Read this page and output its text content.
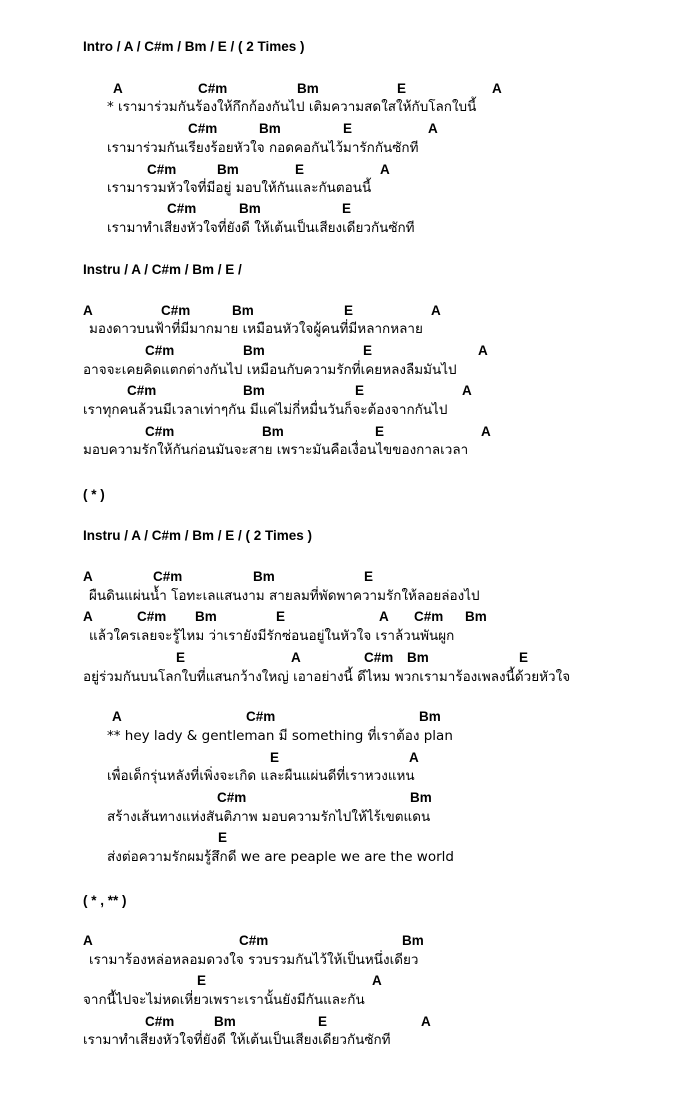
Intro / A / C#m / Bm / E / ( 2 Times )
A	C#m	Bm	E	A
* เรามาร่วมกันร้องให้กึกก้องกันไป เติมความสดใสให้กับโลกใบนี้
C#m	Bm	E	A
เรามาร่วมกันเรียงร้อยหัวใจ กอดคอกันไว้มารักกันซักที
C#m	Bm	E	A
เรามารวมหัวใจที่มีอยู่ มอบให้กันและกันตอนนี้
C#m	Bm	E
เรามาทำเสียงหัวใจที่ยังดี ให้เต้นเป็นเสียงเดียวกันซักที
Instru / A / C#m / Bm / E /
A	C#m	Bm	E	A
มองดาวบนฟ้าที่มีมากมาย เหมือนหัวใจผู้คนที่มีหลากหลาย
C#m	Bm	E	A
อาจจะเคยคิดแตกต่างกันไป เหมือนกับความรักที่เคยหลงลืมมันไป
C#m	Bm	E	A
เราทุกคนล้วนมีเวลาเท่าๆกัน มีแค่ไม่กี่หมื่นวันก็จะต้องจากกันไป
C#m	Bm	E	A
มอบความรักให้กันก่อนมันจะสาย เพราะมันคือเงื่อนไขของกาลเวลา
( * )
Instru / A / C#m / Bm / E / ( 2 Times )
A	C#m	Bm	E
ผืนดินแผ่นน้ำ โอทะเลแสนงาม สายลมที่พัดพาความรักให้ลอยล่องไป
A	C#m Bm	E	A C#m Bm
แล้วใครเลยจะรู้ไหม ว่าเรายังมีรักซ่อนอยู่ในหัวใจ เราล้วนพันผูก
E	A	C#m Bm	E
อยู่ร่วมกันบนโลกใบที่แสนกว้างใหญ่ เอาอย่างนี้ ดีไหม พวกเรามาร้องเพลงนี้ด้วยหัวใจ
A	C#m	Bm
** hey lady & gentleman มี something ที่เราต้อง plan
E	A
เพื่อเด็กรุ่นหลังที่เพิ่งจะเกิด และผืนแผ่นดีที่เราหวงแหน
C#m	Bm
สร้างเส้นทางแห่งสันติภาพ มอบความรักไปให้ไร้เขตแดน
E
ส่งต่อความรักผมรู้สึกดี we are peaple we are the world
( * , ** )
A	C#m	Bm
เรามาร้องหล่อหลอมดวงใจ รวบรวมกันไว้ให้เป็นหนึ่งเดียว
E	A
จากนี้ไปจะไม่หดเหี่ยวเพราะเรานั้นยังมีกันและกัน
C#m	Bm	E	A
เรามาทำเสียงหัวใจที่ยังดี ให้เต้นเป็นเสียงเดียวกันซักที
